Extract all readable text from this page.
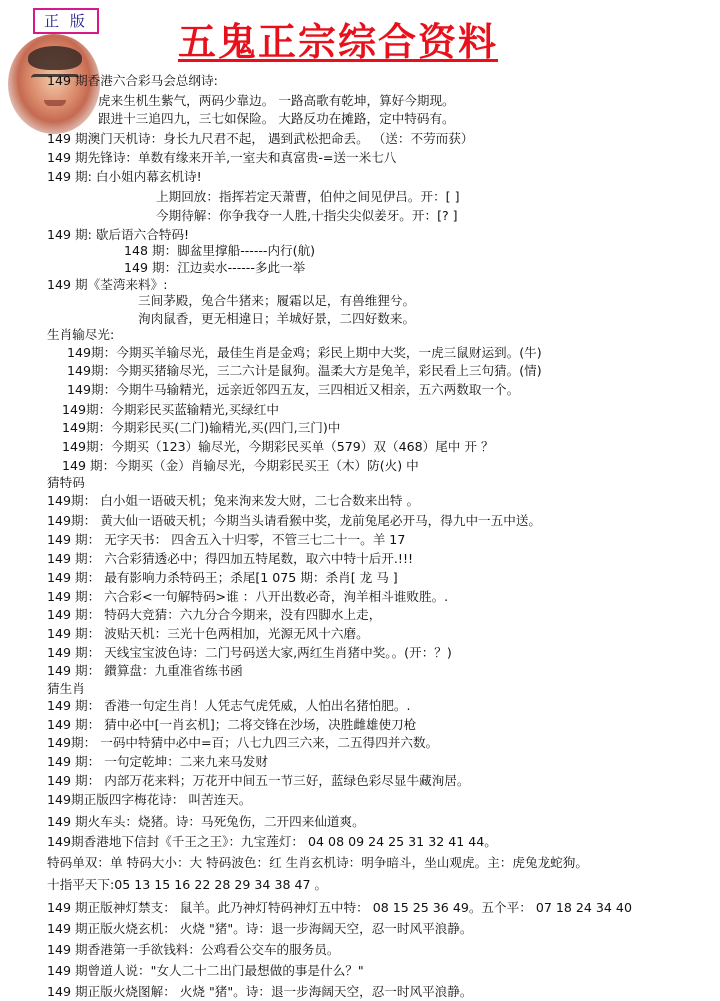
正 版 五鬼正宗综合资料
149 期香港六合彩马会总纲诗:
虎来生机生紫气，两码少靠边。 一路高歌有乾坤，算好今期现。
跟进十三追四九，三七如保险。 大路反功在摊路，定中特码有。
149 期澳门天机诗：身长九尺君不起， 遇到武松把命丢。 （送：不劳而获）
149 期先锋诗：单数有缘来开羊,一室夫和真富贵-=送一米七八
149 期: 白小姐内幕玄机诗!
上期回放：指挥若定天萧曹，伯仲之间见伊吕。开：[ ]
今期待解：你争我夺一人胜,十指尖尖似姜牙。开：[? ]
149 期: 歇后语六合特码!
148 期：脚盆里撑船------内行(航)
149 期：江边卖水------多此一举
149 期《荃湾来料》:
三间茅殿，兔合牛猪来；履霜以足，有兽维狸兮。
洵肉鼠香，更无相違日；羊城好景，二四好数来。
生肖输尽光:
149期：今期买羊输尽光，最佳生肖是金鸡；彩民上期中大奖，一虎三鼠财运到。(牛)
149期：今期买猪输尽光，三二六计是鼠狗。温柔大方是兔羊，彩民看上三句猜。(情)
149期：今期牛马输精光，远亲近邻四五友，三四相近又相亲，五六两数取一个。
149期：今期彩民买蓝输精光,买绿红中
149期：今期彩民买(二门)输精光,买(四门,三门)中
149期：今期买（123）输尽光，今期彩民买单（579）双（468）尾中 开 ？
149 期：今期买（金）肖输尽光，今期彩民买王（木）防(火) 中
猜特码
149期： 白小姐一语破天机；兔来洵来发大财，二七合数来出特 。
149期： 黄大仙一语破天机；今期当头请看猴中奖，龙前兔尾必开马，得九中一五中送。
149 期： 无字天书： 四舍五入十归零，不管三七二十一。羊 17
149 期： 六合彩猜透必中；得四加五特尾数，取六中特十后开.!!!
149 期： 最有影响力杀特码王；杀尾[1 075 期：杀肖[ 龙 马 ]
149 期： 六合彩<一句解特码>谁 ：八开出数必奇，洵羊相斗谁败胜。.
149 期： 特码大竞猜：六九分合今期来，没有四脚水上走，
149 期： 波贴天机：三光十色两相加，光源无风十六磨。
149 期： 天线宝宝波色诗：二门号码送大家,两红生肖猪中奖。。(开：？)
149 期： 鑚算盘：九重准省练书函
猜生肖
149 期： 香港一句定生肖！人凭志气虎凭威，人怕出名猪怕肥。.
149 期： 猜中必中[一肖玄机]；二将交锋在沙场，决胜雌雄使刀枪
149期： 一码中特猜中必中=百；八七九四三六来，二五得四并六数。
149 期： 一句定乾坤：二来九来马发财
149 期： 内部万花来料；万花开中间五一节三好，蓝绿色彩尽显牛藏洵居。
149期正版四字梅花诗： 叫苦连天。
149 期火车头：烧猪。诗：马死兔伤，二开四来仙道爽。
149期香港地下信封《千王之王》：九宝莲灯： 04 08 09 24 25 31 32 41 44。
特码单双：单 特码大小：大 特码波色：红 生肖玄机诗：明争暗斗，坐山观虎。主：虎兔龙蛇狗。
十指平天下:05 13 15 16 22 28 29 34 38 47 。
149 期正版神灯禁支： 鼠羊。此乃神灯特码神灯五中特： 08 15 25 36 49。五个平： 07 18 24 34 40
149 期正版火烧玄机： 火烧 "猪"。诗：退一步海阔天空，忍一时风平浪静。
149 期香港第一手欲钱料：公鸡看公交车的服务员。
149 期曾道人说："女人二十二出门最想做的事是什么？"
149 期正版火烧图解： 火烧 "猪"。诗：退一步海阔天空，忍一时风平浪静。
